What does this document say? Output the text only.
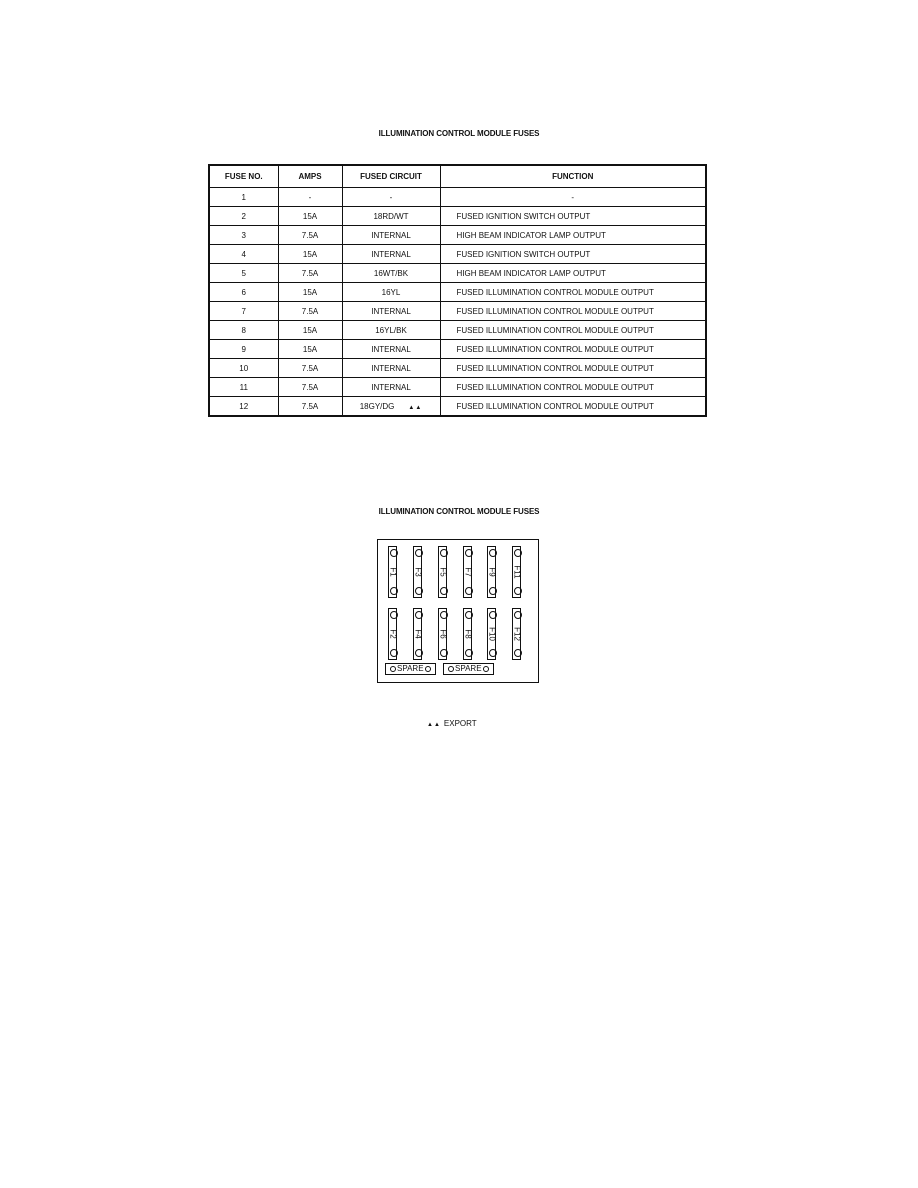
ILLUMINATION CONTROL MODULE FUSES
FUSE NO.	AMPS	FUSED CIRCUIT	FUNCTION
1	-	-	-
2	15A	18RD/WT	FUSED IGNITION SWITCH OUTPUT
3	7.5A	INTERNAL	HIGH BEAM INDICATOR LAMP OUTPUT
4	15A	INTERNAL	FUSED IGNITION SWITCH OUTPUT
5	7.5A	16WT/BK	HIGH BEAM INDICATOR LAMP OUTPUT
6	15A	16YL	FUSED ILLUMINATION CONTROL MODULE OUTPUT
7	7.5A	INTERNAL	FUSED ILLUMINATION CONTROL MODULE OUTPUT
8	15A	16YL/BK	FUSED ILLUMINATION CONTROL MODULE OUTPUT
9	15A	INTERNAL	FUSED ILLUMINATION CONTROL MODULE OUTPUT
10	7.5A	INTERNAL	FUSED ILLUMINATION CONTROL MODULE OUTPUT
11	7.5A	INTERNAL	FUSED ILLUMINATION CONTROL MODULE OUTPUT
12	7.5A	18GY/DG ▲▲	FUSED ILLUMINATION CONTROL MODULE OUTPUT
ILLUMINATION CONTROL MODULE FUSES
F1 F3 F5 F7 F9 F11
F2 F4 F6 F8 F10 F12
SPARE	SPARE
▲▲ EXPORT
